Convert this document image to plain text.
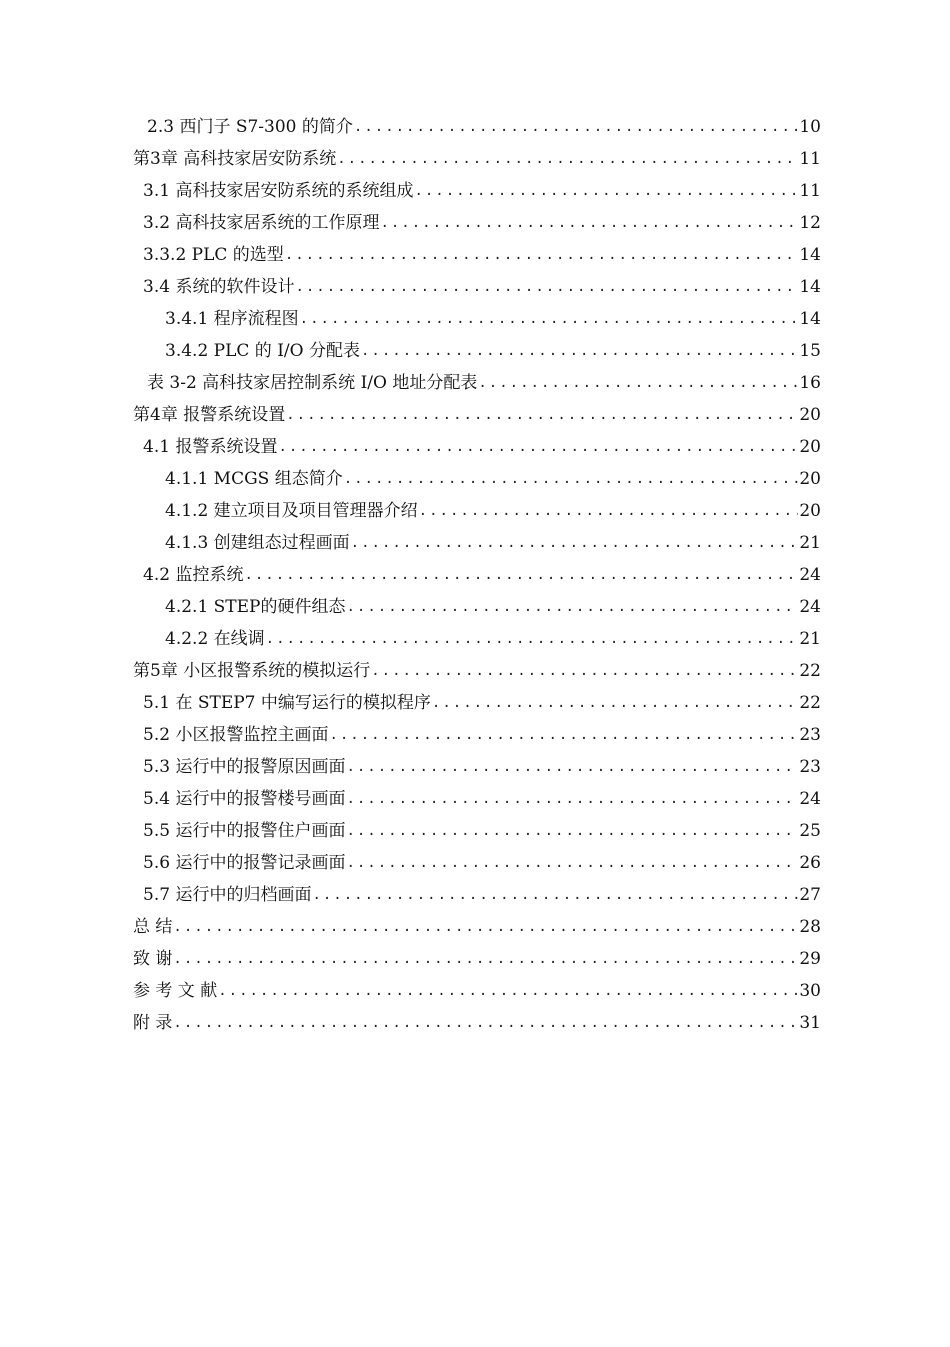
2.3 西门子 S7-300 的简介 .....	10
第3章 高科技家居安防系统 .....	11
3.1 高科技家居安防系统的系统组成 .....	11
3.2 高科技家居系统的工作原理 .....	12
3.3.2 PLC 的选型 .....	14
3.4 系统的软件设计 .....	14
3.4.1 程序流程图 .....	14
3.4.2 PLC 的 I/O 分配表 .....	15
表 3-2 高科技家居控制系统 I/O 地址分配表 .....	16
第4章 报警系统设置 .....	20
4.1 报警系统设置 .....	20
4.1.1 MCGS 组态简介 .....	20
4.1.2 建立项目及项目管理器介绍 .....	20
4.1.3 创建组态过程画面 .....	21
4.2 监控系统 .....	24
4.2.1 STEP的硬件组态 .....	24
4.2.2 在线调 .....	21
第5章 小区报警系统的模拟运行 .....	22
5.1 在 STEP7 中编写运行的模拟程序 .....	22
5.2 小区报警监控主画面 .....	23
5.3 运行中的报警原因画面 .....	23
5.4 运行中的报警楼号画面 .....	24
5.5 运行中的报警住户画面 .....	25
5.6 运行中的报警记录画面 .....	26
5.7 运行中的归档画面 .....	27
总 结 .....	28
致 谢 .....	29
参 考 文 献 .....	30
附 录 .....	31
